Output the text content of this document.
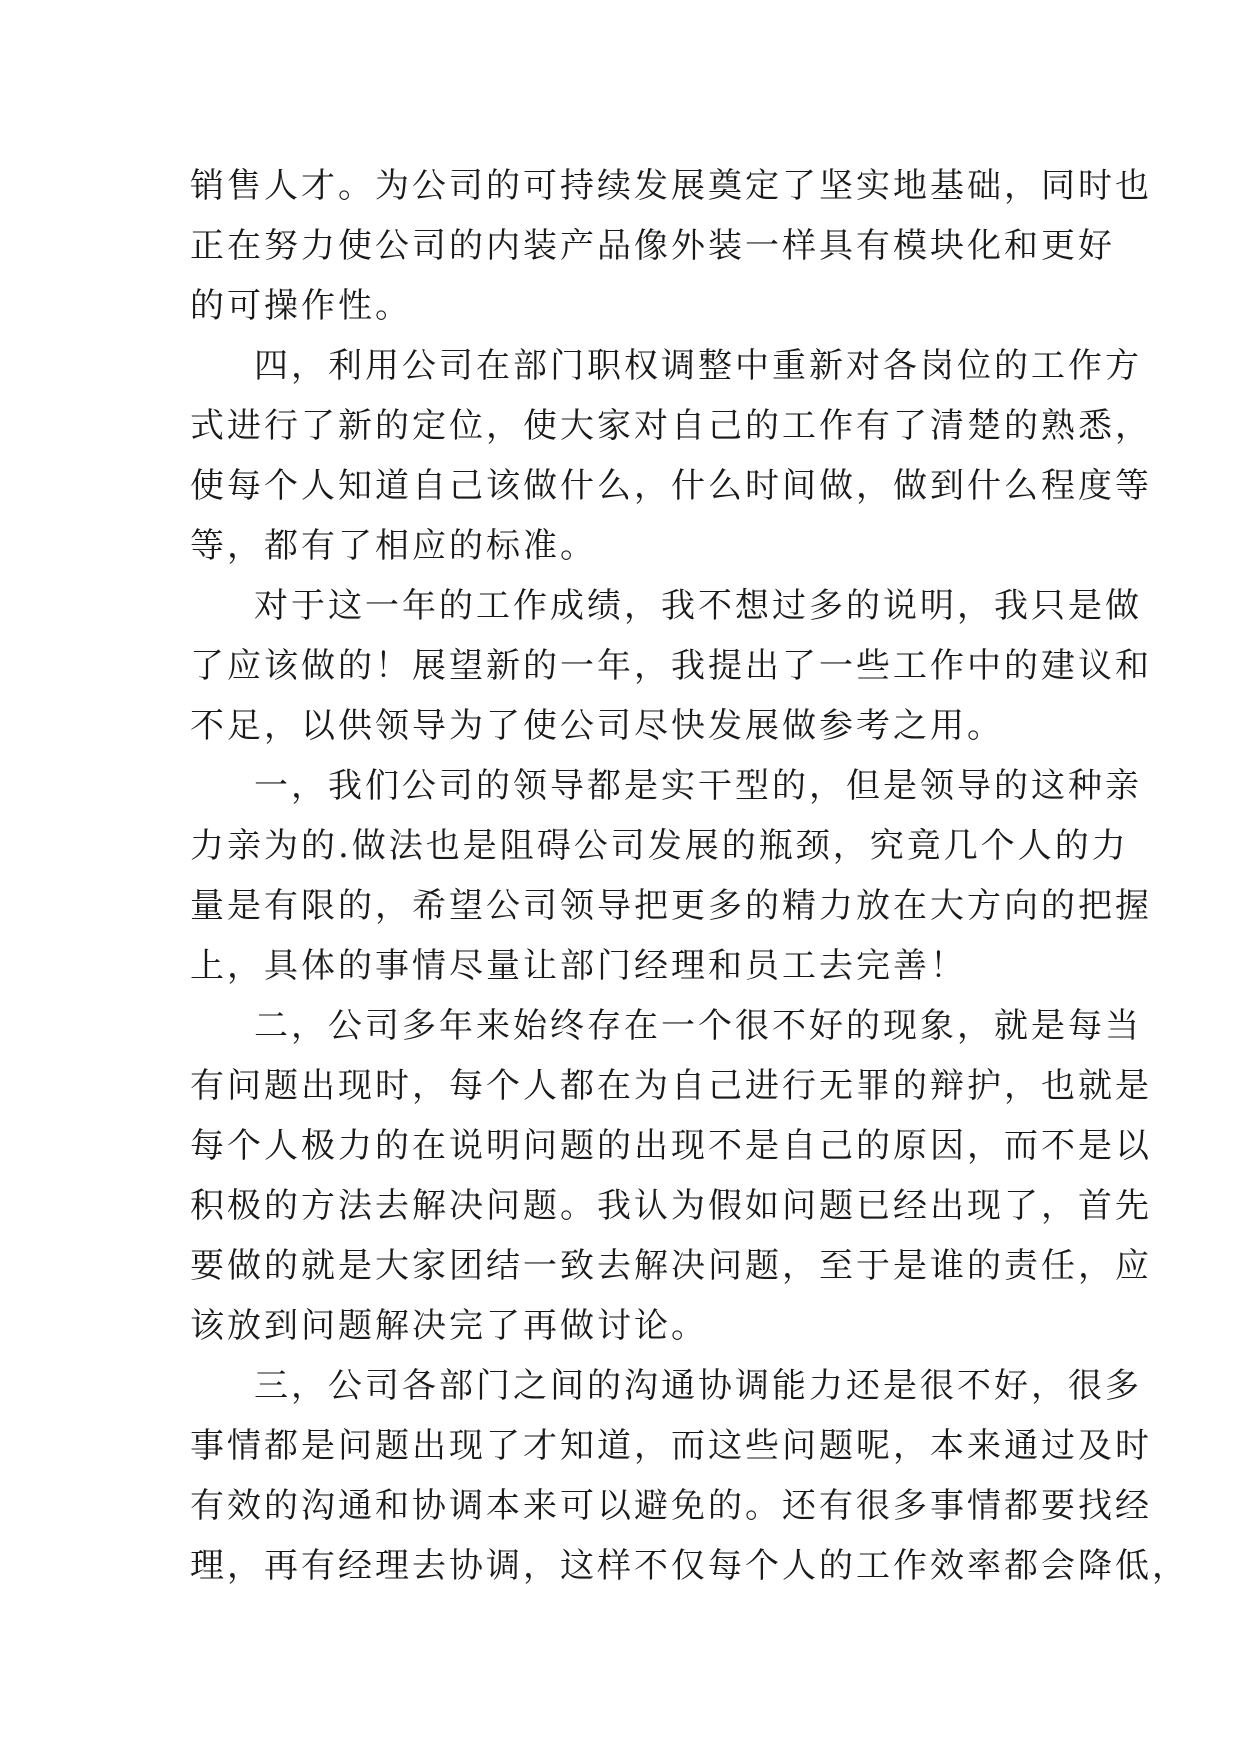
销售人才。为公司的可持续发展奠定了坚实地基础，同时也
正在努力使公司的内装产品像外装一样具有模块化和更好
的可操作性。
四，利用公司在部门职权调整中重新对各岗位的工作方
式进行了新的定位，使大家对自己的工作有了清楚的熟悉，
使每个人知道自己该做什么，什么时间做，做到什么程度等
等，都有了相应的标准。
对于这一年的工作成绩，我不想过多的说明，我只是做
了应该做的！展望新的一年，我提出了一些工作中的建议和
不足，以供领导为了使公司尽快发展做参考之用。
一，我们公司的领导都是实干型的，但是领导的这种亲
力亲为的.做法也是阻碍公司发展的瓶颈，究竟几个人的力
量是有限的，希望公司领导把更多的精力放在大方向的把握
上，具体的事情尽量让部门经理和员工去完善！
二，公司多年来始终存在一个很不好的现象，就是每当
有问题出现时，每个人都在为自己进行无罪的辩护，也就是
每个人极力的在说明问题的出现不是自己的原因，而不是以
积极的方法去解决问题。我认为假如问题已经出现了，首先
要做的就是大家团结一致去解决问题，至于是谁的责任，应
该放到问题解决完了再做讨论。
三，公司各部门之间的沟通协调能力还是很不好，很多
事情都是问题出现了才知道，而这些问题呢，本来通过及时
有效的沟通和协调本来可以避免的。还有很多事情都要找经
理，再有经理去协调，这样不仅每个人的工作效率都会降低，
